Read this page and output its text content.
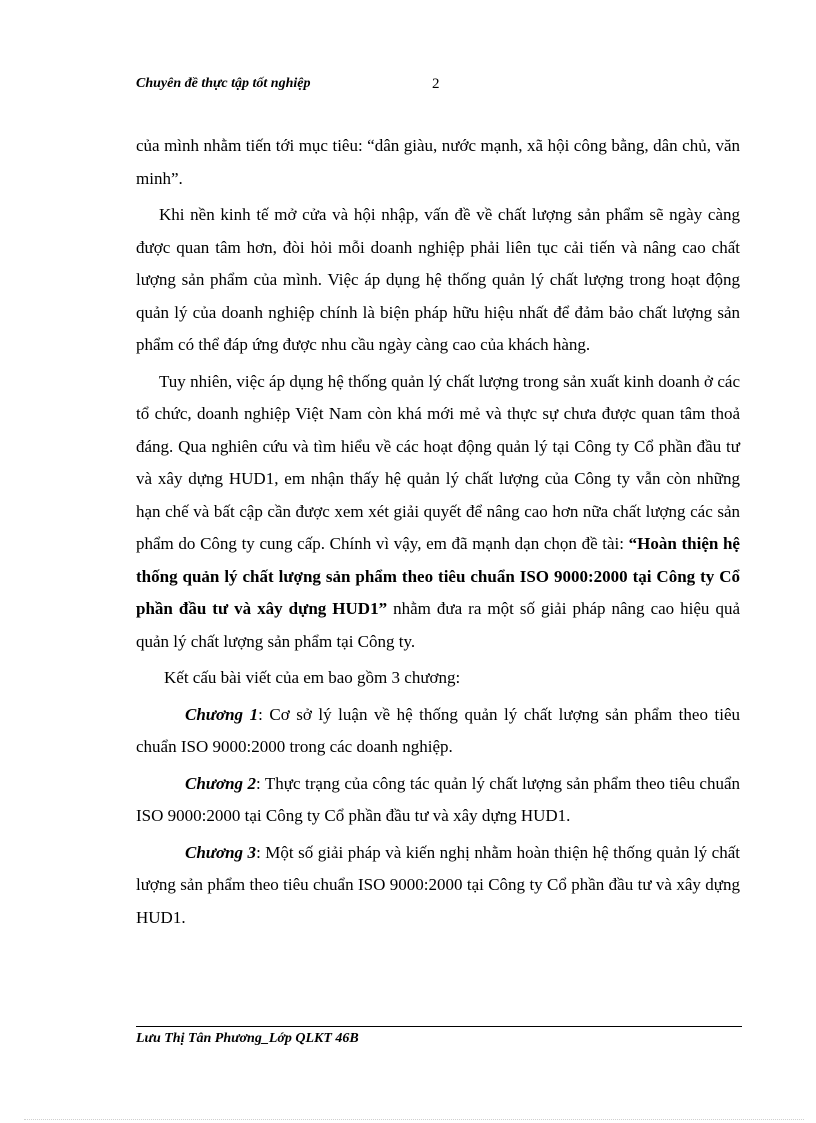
Chuyên đề thực tập tốt nghiệp	2

của mình nhằm tiến tới mục tiêu: “dân giàu, nước mạnh, xã hội công bằng, dân chủ, văn minh”.

Khi nền kinh tế mở cửa và hội nhập, vấn đề về chất lượng sản phẩm sẽ ngày càng được quan tâm hơn, đòi hỏi mỗi doanh nghiệp phải liên tục cải tiến và nâng cao chất lượng sản phẩm của mình. Việc áp dụng hệ thống quản lý chất lượng trong hoạt động quản lý của doanh nghiệp chính là biện pháp hữu hiệu nhất để đảm bảo chất lượng sản phẩm có thể đáp ứng được nhu cầu ngày càng cao của khách hàng.

Tuy nhiên, việc áp dụng hệ thống quản lý chất lượng trong sản xuất kinh doanh ở các tổ chức, doanh nghiệp Việt Nam còn khá mới mẻ và thực sự chưa được quan tâm thoả đáng. Qua nghiên cứu và tìm hiểu về các hoạt động quản lý tại Công ty Cổ phần đầu tư và xây dựng HUD1, em nhận thấy hệ quản lý chất lượng của Công ty vẫn còn những hạn chế và bất cập cần được xem xét giải quyết để nâng cao hơn nữa chất lượng các sản phẩm do Công ty cung cấp. Chính vì vậy, em đã mạnh dạn chọn đề tài: “Hoàn thiện hệ thống quản lý chất lượng sản phẩm theo tiêu chuẩn ISO 9000:2000 tại Công ty Cổ phần đầu tư và xây dựng HUD1” nhằm đưa ra một số giải pháp nâng cao hiệu quả quản lý chất lượng sản phẩm tại Công ty.

Kết cấu bài viết của em bao gồm 3 chương:

Chương 1: Cơ sở lý luận về hệ thống quản lý chất lượng sản phẩm theo tiêu chuẩn ISO 9000:2000 trong các doanh nghiệp.

Chương 2: Thực trạng của công tác quản lý chất lượng sản phẩm theo tiêu chuẩn ISO 9000:2000 tại Công ty Cổ phần đầu tư và xây dựng HUD1.

Chương 3: Một số giải pháp và kiến nghị nhằm hoàn thiện hệ thống quản lý chất lượng sản phẩm theo tiêu chuẩn ISO 9000:2000 tại Công ty Cổ phần đầu tư và xây dựng HUD1.

Lưu Thị Tân Phương_Lớp QLKT 46B
